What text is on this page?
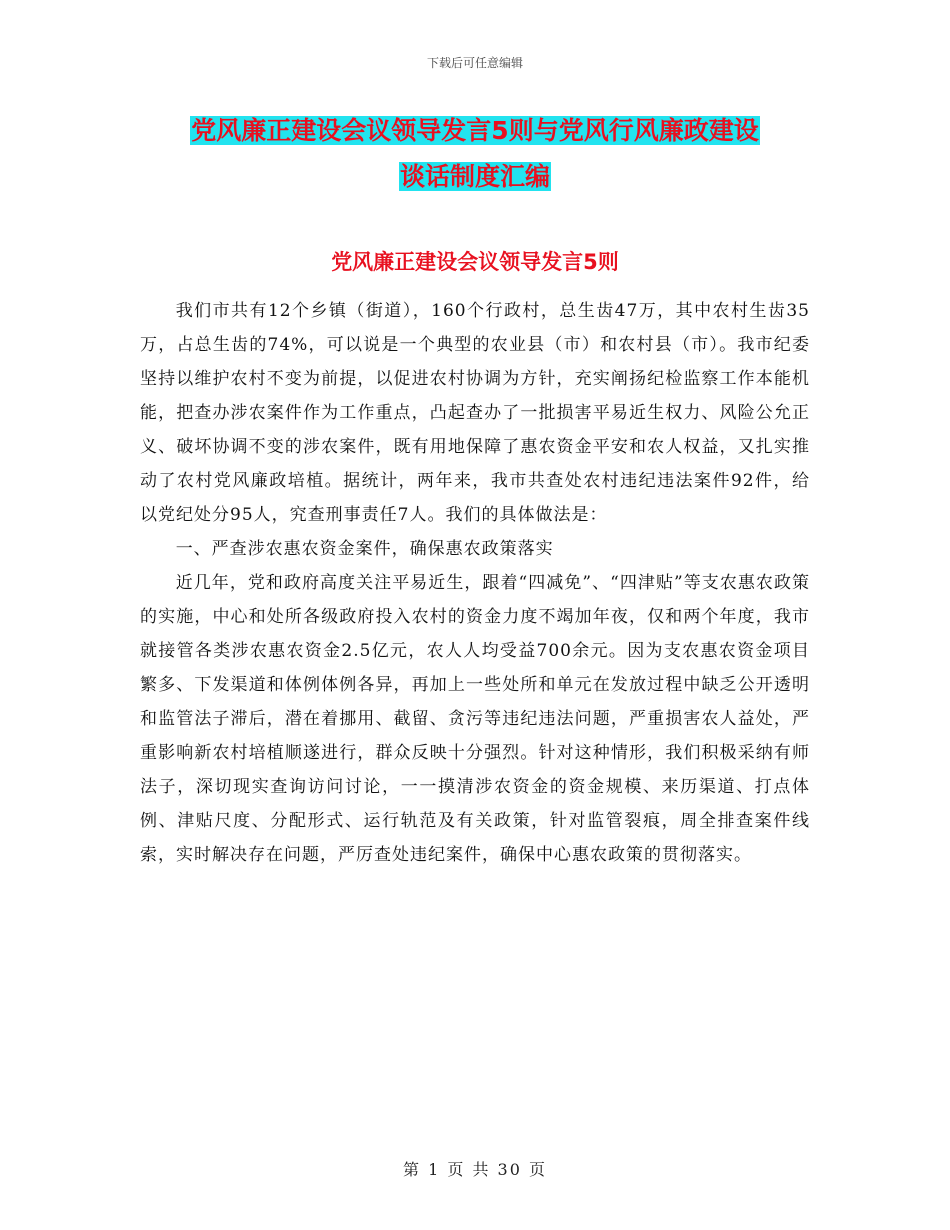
下载后可任意编辑
党风廉正建设会议领导发言5则与党风行风廉政建设
谈话制度汇编
党风廉正建设会议领导发言5则

我们市共有12个乡镇（街道），160个行政村，总生齿47万，其中农村生齿35万，占总生齿的74%，可以说是一个典型的农业县（市）和农村县（市）。我市纪委坚持以维护农村不变为前提，以促进农村协调为方针，充实阐扬纪检监察工作本能机能，把查办涉农案件作为工作重点，凸起查办了一批损害平易近生权力、风险公允正义、破坏协调不变的涉农案件，既有用地保障了惠农资金平安和农人权益，又扎实推动了农村党风廉政培植。据统计，两年来，我市共查处农村违纪违法案件92件，给以党纪处分95人，究查刑事责任7人。我们的具体做法是：

一、严查涉农惠农资金案件，确保惠农政策落实

近几年，党和政府高度关注平易近生，跟着“四减免”、“四津贴”等支农惠农政策的实施，中心和处所各级政府投入农村的资金力度不竭加年夜，仅和两个年度，我市就接管各类涉农惠农资金2.5亿元，农人人均受益700余元。因为支农惠农资金项目繁多、下发渠道和体例体例各异，再加上一些处所和单元在发放过程中缺乏公开透明和监管法子滞后，潜在着挪用、截留、贪污等违纪违法问题，严重损害农人益处，严重影响新农村培植顺遂进行，群众反映十分强烈。针对这种情形，我们积极采纳有师法子，深切现实查询访问讨论，一一摸清涉农资金的资金规模、来历渠道、打点体例、津贴尺度、分配形式、运行轨范及有关政策，针对监管裂痕，周全排查案件线索，实时解决存在问题，严厉查处违纪案件，确保中心惠农政策的贯彻落实。

第 1 页 共 30 页
